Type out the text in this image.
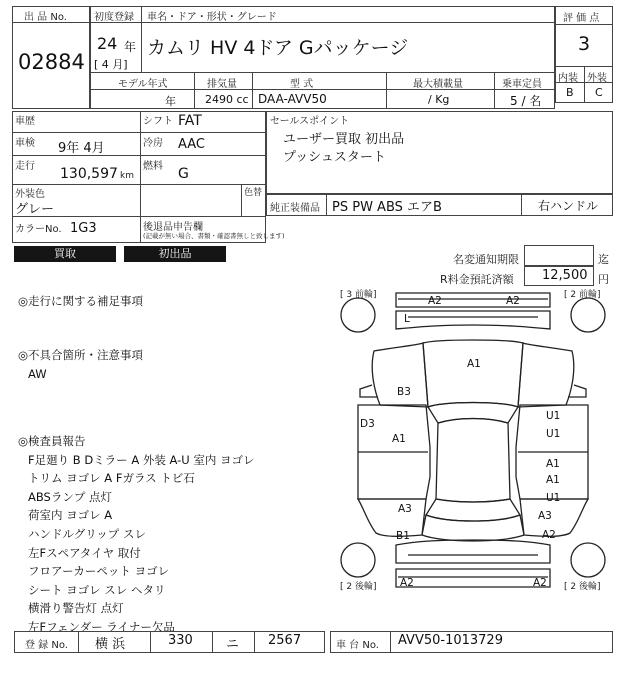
出 品 No.
02884
初度登録 車名・ドア・形状・グレード
24 年
[ 4 月]
カムリ HV 4ドア Gパッケージ
モデル年式	排気量	型 式	最大積載量	乗車定員
年	2490 cc DAA-AVV50	/ Kg	5 / 名
評 価 点
3
内装 外装
B C
車歴	シフト FAT
車検 9年 4月	冷房 AAC
走行 130,597 km
燃料 G
外装色
グレー
色替
カラーNo. 1G3	後退品申告欄
(記載が無い場合、書類・確認書無しと致します)
セールスポイント
ユーザー買取 初出品
プッシュスタート
純正装備品 PS PW ABS エアB	右ハンドル
買取	初出品	名変通知期限	迄
R料金預託済額 12,500 円
◎走行に関する補足事項
◎不具合箇所・注意事項
AW
◎検査員報告
F足廻り B Dミラー A 外装 A-U 室内 ヨゴレ
トリム ヨゴレ A Fガラス トビ石
ABSランプ 点灯
荷室内 ヨゴレ A
ハンドルグリップ スレ
左Fスペアタイヤ 取付
フロアーカーペット ヨゴレ
シート ヨゴレ スレ ヘタリ
横滑り警告灯 点灯
左Fフェンダー ライナー欠品
[ 3 前輪]	[ 2 前輪]
[ 2 後輪]	[ 2 後輪]
A2	A2
L
A1
B3
D3
A1
U1
U1
A1
A1
U1
A3
A3
B1	A2
A2	A2
登 録 No. 横 浜	330	ニ 2567	車 台 No. AVV50-1013729
